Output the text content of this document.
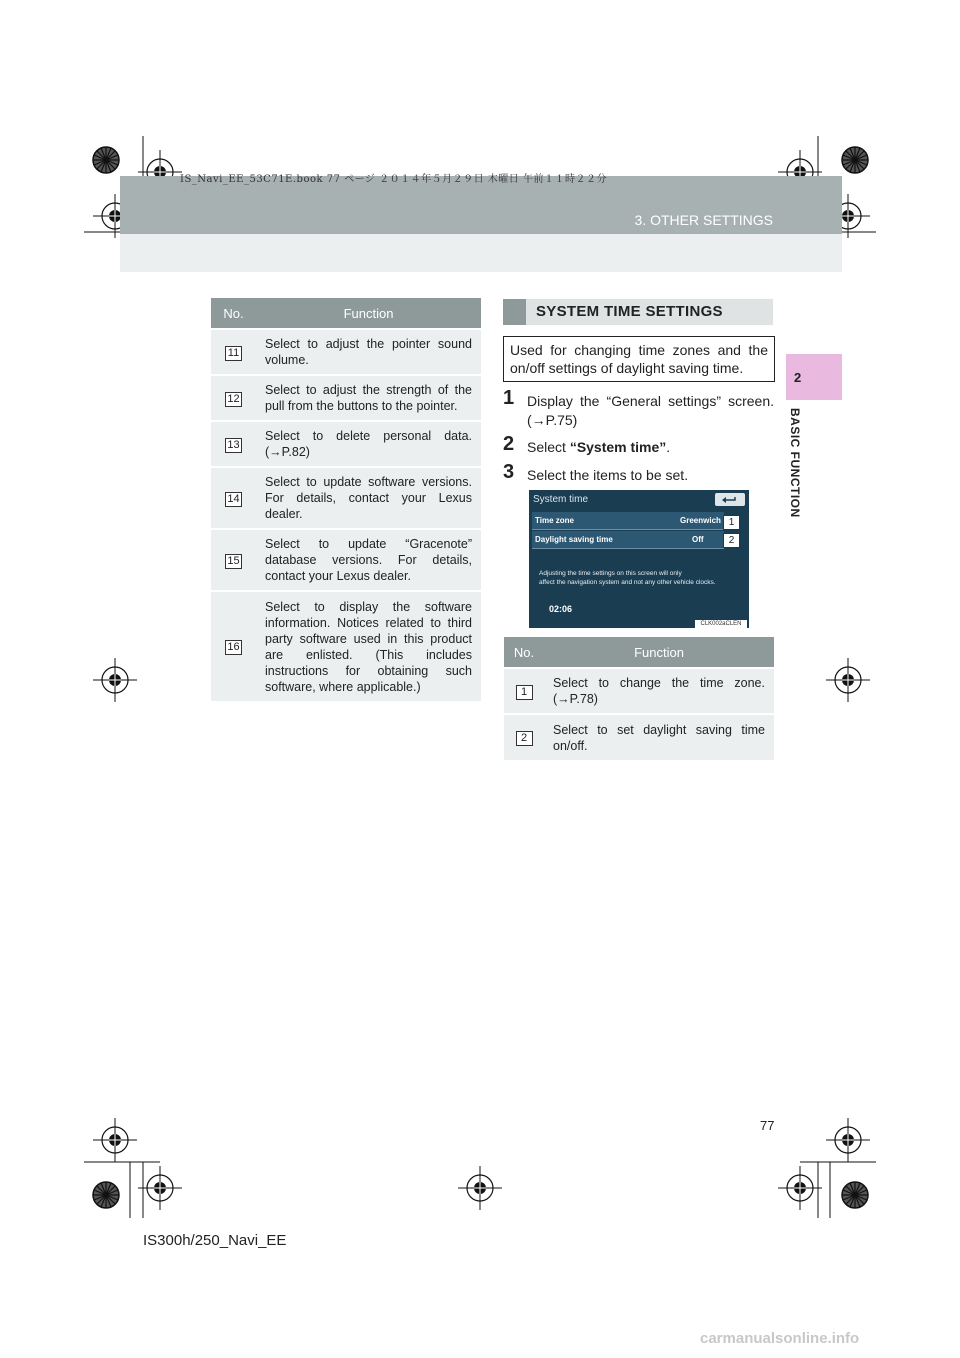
IS_Navi_EE_53C71E.book 77 ページ ２０１４年５月２９日 木曜日 午前１１時２２分
3. OTHER SETTINGS
2
BASIC FUNCTION
No.	Function
11	Select to adjust the pointer sound volume.
12	Select to adjust the strength of the pull from the buttons to the pointer.
13	Select to delete personal data. (→P.82)
14	Select to update software versions. For details, contact your Lexus dealer.
15	Select to update “Gracenote” database versions. For details, contact your Lexus dealer.
16	Select to display the software information. Notices related to third party software used in this product are enlisted. (This includes instructions for obtaining such software, where applicable.)
SYSTEM TIME SETTINGS
Used for changing time zones and the on/off settings of daylight saving time.
1 Display the “General settings” screen. (→P.75)
2 Select “System time”.
3 Select the items to be set.
System time
Time zone	Greenwich
Daylight saving time	Off
1
2
Adjusting the time settings on this screen will only
affect the navigation system and not any other vehicle clocks.
02:06
CLK002aCLEN
No.	Function
1	Select to change the time zone. (→P.78)
2	Select to set daylight saving time on/off.
77
IS300h/250_Navi_EE
carmanualsonline.info
